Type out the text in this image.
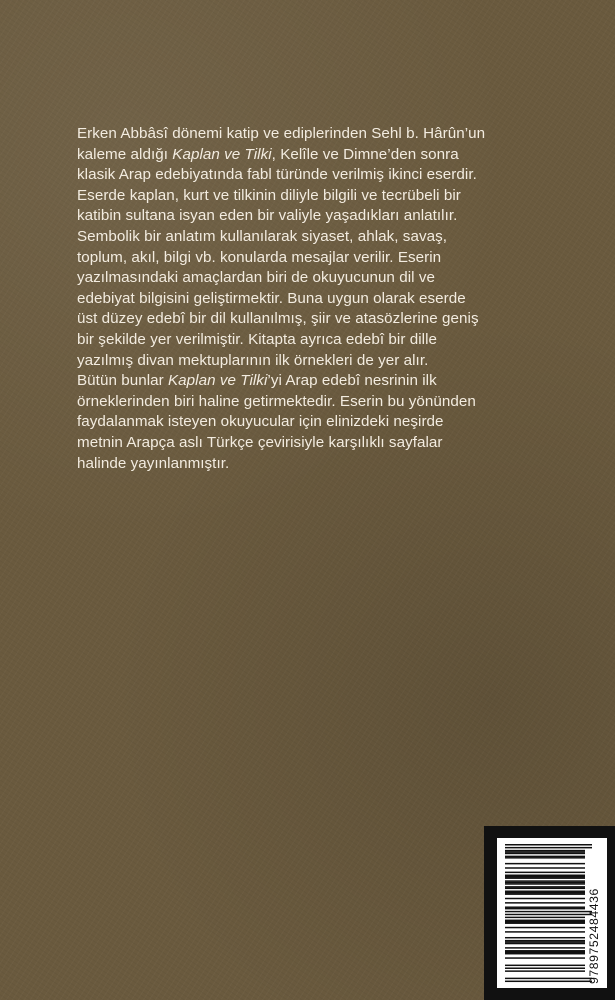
Erken Abbâsî dönemi katip ve ediplerinden Sehl b. Hârûn’un
kaleme aldığı Kaplan ve Tilki, Kelîle ve Dimne’den sonra
klasik Arap edebiyatında fabl türünde verilmiş ikinci eserdir.
Eserde kaplan, kurt ve tilkinin diliyle bilgili ve tecrübeli bir
katibin sultana isyan eden bir valiyle yaşadıkları anlatılır.
Sembolik bir anlatım kullanılarak siyaset, ahlak, savaş,
toplum, akıl, bilgi vb. konularda mesajlar verilir. Eserin
yazılmasındaki amaçlardan biri de okuyucunun dil ve
edebiyat bilgisini geliştirmektir. Buna uygun olarak eserde
üst düzey edebî bir dil kullanılmış, şiir ve atasözlerine geniş
bir şekilde yer verilmiştir. Kitapta ayrıca edebî bir dille
yazılmış divan mektuplarının ilk örnekleri de yer alır.
Bütün bunlar Kaplan ve Tilki’yi Arap edebî nesrinin ilk
örneklerinden biri haline getirmektedir. Eserin bu yönünden
faydalanmak isteyen okuyucular için elinizdeki neşirde
metnin Arapça aslı Türkçe çevirisiyle karşılıklı sayfalar
halinde yayınlanmıştır.

9789752484436
